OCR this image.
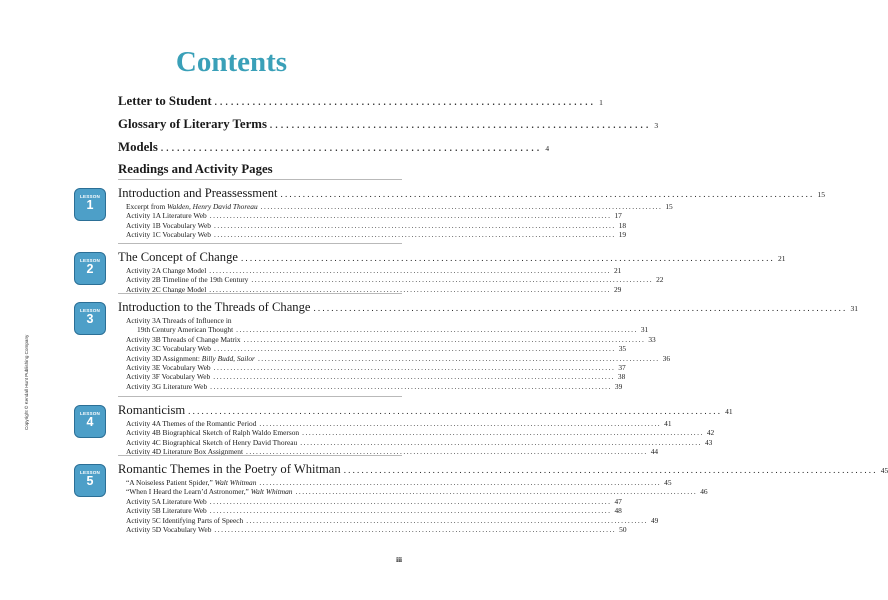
Contents
Copyright © Kendall Hunt Publishing Company
Letter to Student ...................................................................... 1
Glossary of Literary Terms ...................................................................... 3
Models ...................................................................... 4
Readings and Activity Pages
LESSON
1
Introduction and Preassessment ........................................................................................................................ 15
Excerpt from Walden, Henry David Thoreau ........................................................................................................................ 15
Activity 1A Literature Web ........................................................................................................................ 17
Activity 1B Vocabulary Web ........................................................................................................................ 18
Activity 1C Vocabulary Web ........................................................................................................................ 19
LESSON
2
The Concept of Change ........................................................................................................................ 21
Activity 2A Change Model ........................................................................................................................ 21
Activity 2B Timeline of the 19th Century ........................................................................................................................ 22
Activity 2C Change Model ........................................................................................................................ 29
LESSON
3
Introduction to the Threads of Change ........................................................................................................................ 31
Activity 3A Threads of Influence in
19th Century American Thought ........................................................................................................................ 31
Activity 3B Threads of Change Matrix ........................................................................................................................ 33
Activity 3C Vocabulary Web ........................................................................................................................ 35
Activity 3D Assignment: Billy Budd, Sailor ........................................................................................................................ 36
Activity 3E Vocabulary Web ........................................................................................................................ 37
Activity 3F Vocabulary Web ........................................................................................................................ 38
Activity 3G Literature Web ........................................................................................................................ 39
LESSON
4
Romanticism ........................................................................................................................ 41
Activity 4A Themes of the Romantic Period ........................................................................................................................ 41
Activity 4B Biographical Sketch of Ralph Waldo Emerson ........................................................................................................................ 42
Activity 4C Biographical Sketch of Henry David Thoreau ........................................................................................................................ 43
Activity 4D Literature Box Assignment ........................................................................................................................ 44
LESSON
5
Romantic Themes in the Poetry of Whitman ........................................................................................................................ 45
“A Noiseless Patient Spider,” Walt Whitman ........................................................................................................................ 45
“When I Heard the Learn’d Astronomer,” Walt Whitman ........................................................................................................................ 46
Activity 5A Literature Web ........................................................................................................................ 47
Activity 5B Literature Web ........................................................................................................................ 48
Activity 5C Identifying Parts of Speech ........................................................................................................................ 49
Activity 5D Vocabulary Web ........................................................................................................................ 50
iii
